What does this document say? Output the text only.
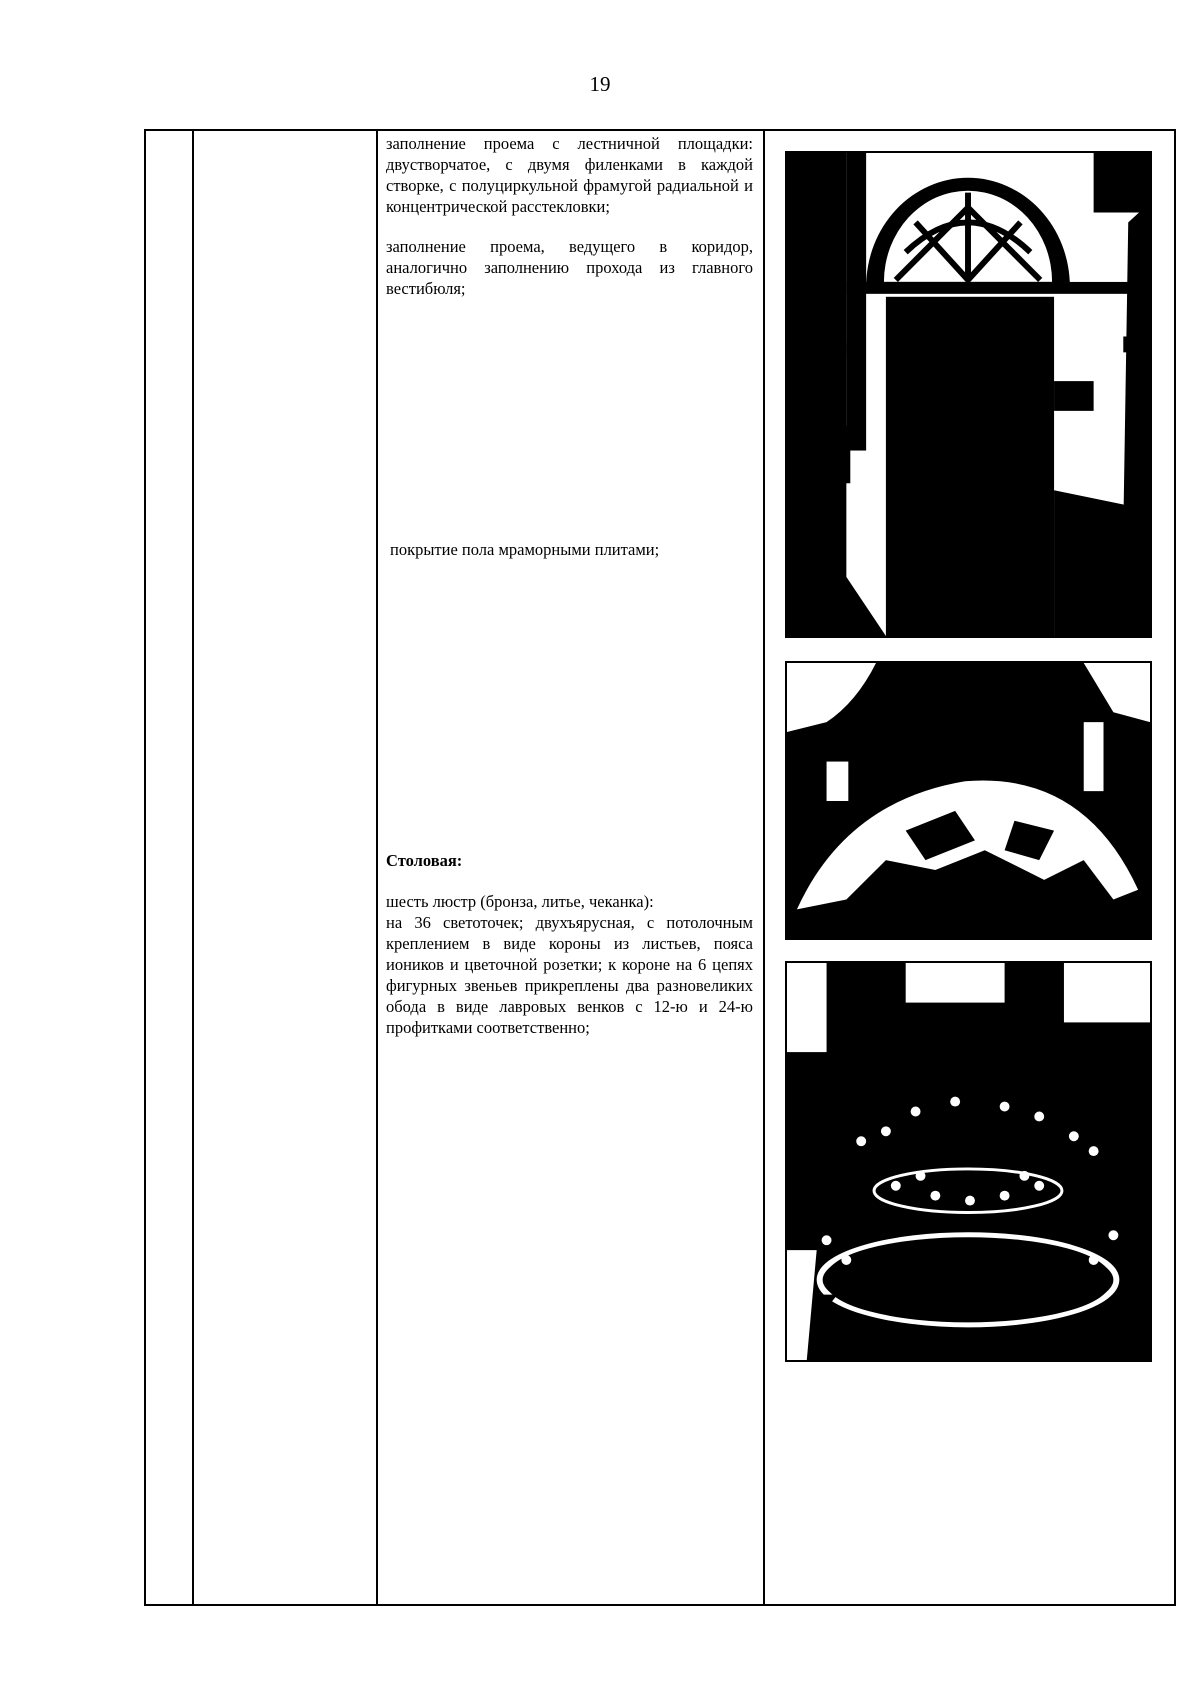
19

заполнение проема с лестничной площадки: двустворчатое, с двумя филенками в каждой створке, с полуциркульной фрамугой радиальной и концентрической расстекловки;

заполнение проема, ведущего в коридор, аналогично заполнению прохода из главного вестибюля;

покрытие пола мраморными плитами;

Столовая:

шесть люстр (бронза, литье, чеканка):

на 36 светоточек; двухъярусная, с потолочным креплением в виде короны из листьев, пояса иоников и цветочной розетки; к короне на 6 цепях фигурных звеньев прикреплены два разновеликих обода в виде лавровых венков с 12-ю и 24-ю профитками соответственно;
